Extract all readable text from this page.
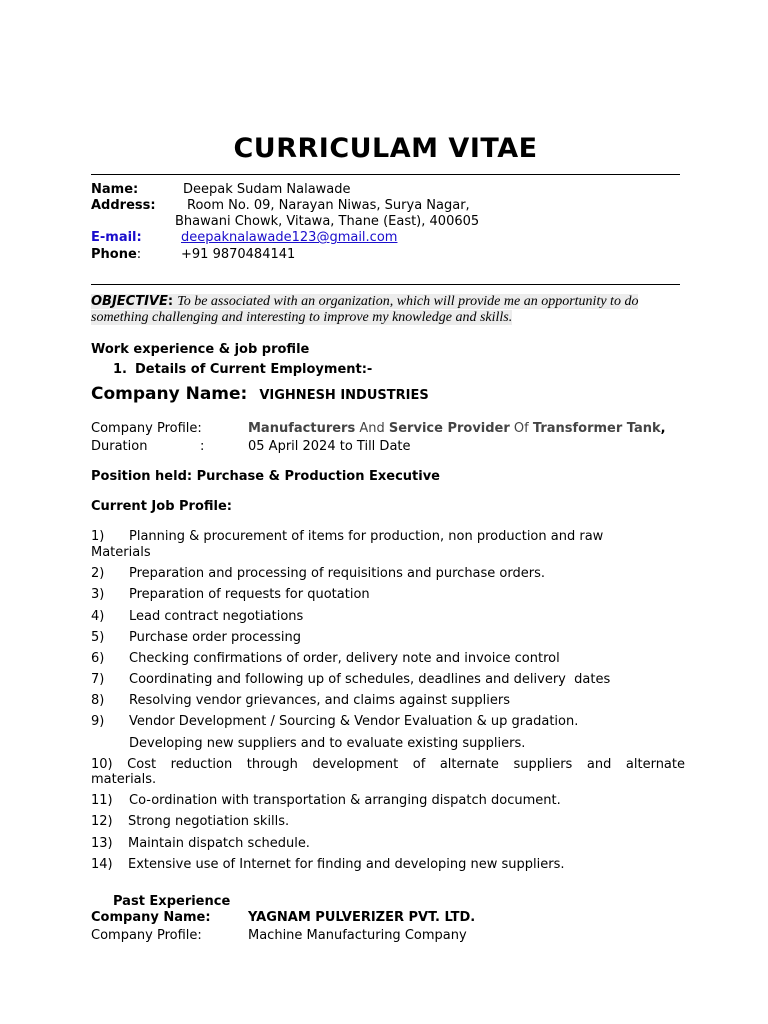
CURRICULAM VITAE
Name:	Deepak Sudam Nalawade
Address: Room No. 09, Narayan Niwas, Surya Nagar,
Bhawani Chowk, Vitawa, Thane (East), 400605
E-mail:	deepaknalawade123@gmail.com
Phone:	+91 9870484141
OBJECTIVE: To be associated with an organization, which will provide me an opportunity to do
something challenging and interesting to improve my knowledge and skills.
Work experience & job profile
1. Details of Current Employment:-
Company Name: VIGHNESH INDUSTRIES
Company Profile:	Manufacturers And Service Provider Of Transformer Tank,
Duration	:	05 April 2024 to Till Date
Position held: Purchase & Production Executive
Current Job Profile:
1) Planning & procurement of items for production, non production and raw
Materials
2) Preparation and processing of requisitions and purchase orders.
3) Preparation of requests for quotation
4) Lead contract negotiations
5) Purchase order processing
6) Checking confirmations of order, delivery note and invoice control
7) Coordinating and following up of schedules, deadlines and delivery  dates
8) Resolving vendor grievances, and claims against suppliers
9) Vendor Development / Sourcing & Vendor Evaluation & up gradation.
Developing new suppliers and to evaluate existing suppliers.
10) Cost reduction through development of alternate suppliers and alternate
materials.
11) Co-ordination with transportation & arranging dispatch document.
12) Strong negotiation skills.
13) Maintain dispatch schedule.
14) Extensive use of Internet for finding and developing new suppliers.
Past Experience
Company Name:	YAGNAM PULVERIZER PVT. LTD.
Company Profile:	Machine Manufacturing Company
